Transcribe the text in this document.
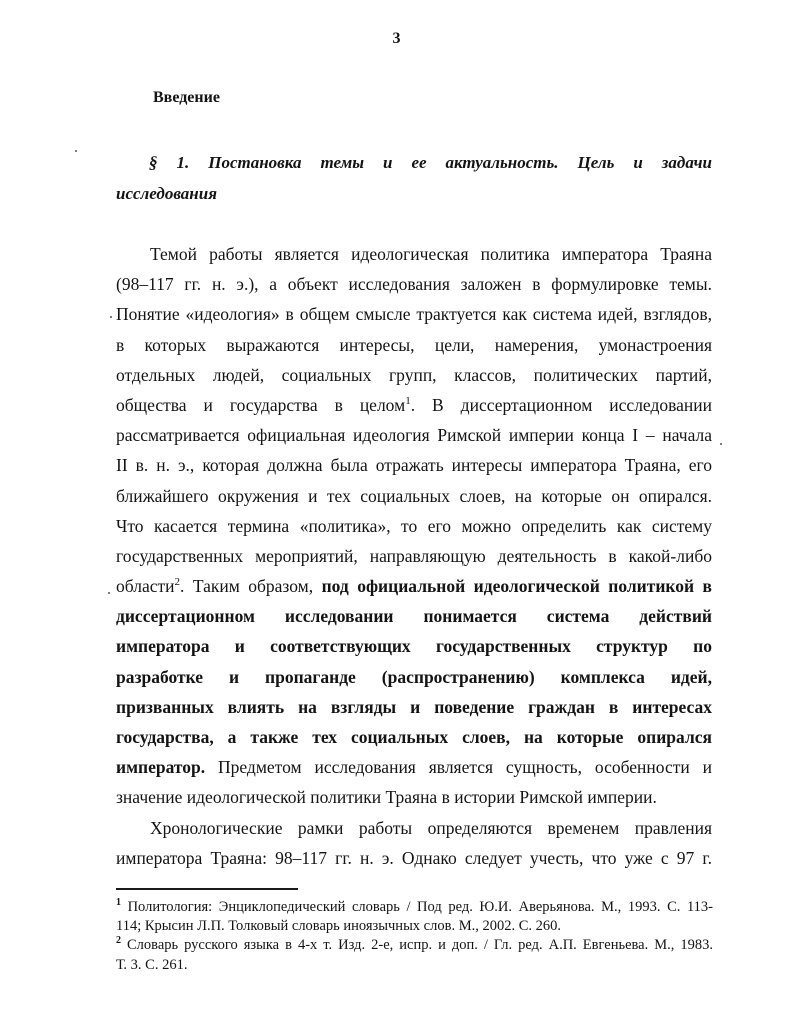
3
Введение
§ 1. Постановка темы и ее актуальность. Цель и задачи
исследования
Темой работы является идеологическая политика императора Траяна
(98–117 гг. н. э.), а объект исследования заложен в формулировке темы.
Понятие «идеология» в общем смысле трактуется как система идей, взглядов,
в которых выражаются интересы, цели, намерения, умонастроения
отдельных людей, социальных групп, классов, политических партий,
общества и государства в целом$^1$. В диссертационном исследовании
рассматривается официальная идеология Римской империи конца I – начала
II в. н. э., которая должна была отражать интересы императора Траяна, его
ближайшего окружения и тех социальных слоев, на которые он опирался.
Что касается термина «политика», то его можно определить как систему
государственных мероприятий, направляющую деятельность в какой-либо
области$^2$. Таким образом, под официальной идеологической политикой в
диссертационном исследовании понимается система действий
императора и соответствующих государственных структур по
разработке и пропаганде (распространению) комплекса идей,
призванных влиять на взгляды и поведение граждан в интересах
государства, а также тех социальных слоев, на которые опирался
император. Предметом исследования является сущность, особенности и
значение идеологической политики Траяна в истории Римской империи.
Хронологические рамки работы определяются временем правления
императора Траяна: 98–117 гг. н. э. Однако следует учесть, что уже с 97 г.
$^1$ Политология: Энциклопедический словарь / Под ред. Ю.И. Аверьянова. М., 1993. С. 113-
114; Крысин Л.П. Толковый словарь иноязычных слов. М., 2002. С. 260.
$^2$ Словарь русского языка в 4-х т. Изд. 2-е, испр. и доп. / Гл. ред. А.П. Евгеньева. М., 1983.
Т. 3. С. 261.
